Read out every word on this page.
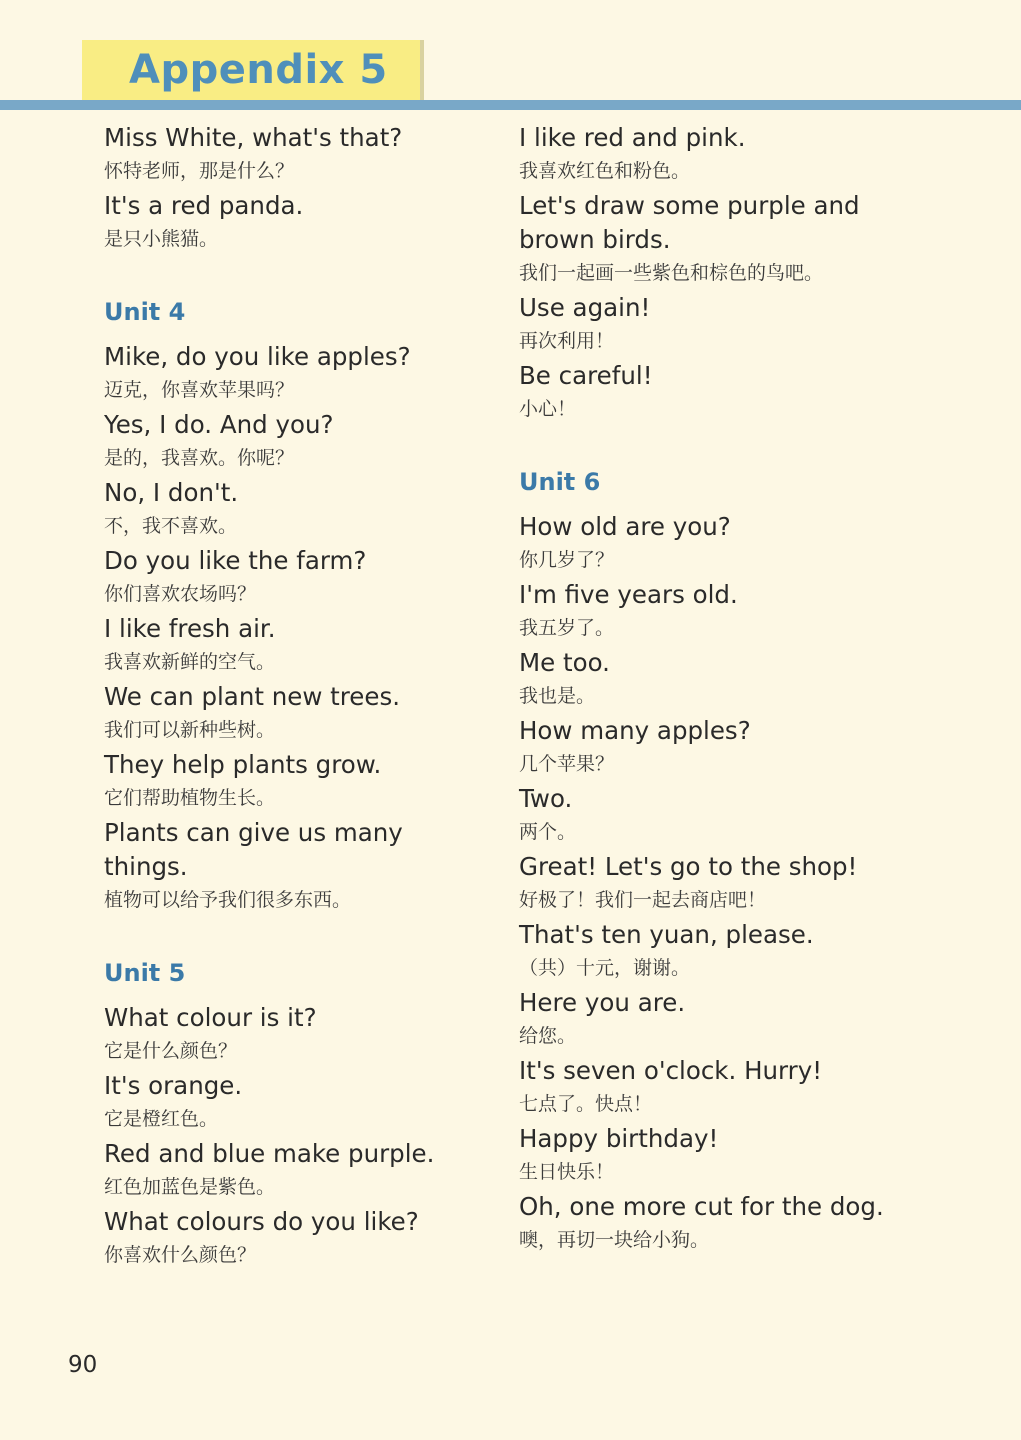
Appendix 5
Miss White, what's that?
怀特老师，那是什么？
It's a red panda.
是只小熊猫。
Unit 4
Mike, do you like apples?
迈克，你喜欢苹果吗？
Yes, I do. And you?
是的，我喜欢。你呢？
No, I don't.
不，我不喜欢。
Do you like the farm?
你们喜欢农场吗？
I like fresh air.
我喜欢新鲜的空气。
We can plant new trees.
我们可以新种些树。
They help plants grow.
它们帮助植物生长。
Plants can give us many things.
植物可以给予我们很多东西。
Unit 5
What colour is it?
它是什么颜色？
It's orange.
它是橙红色。
Red and blue make purple.
红色加蓝色是紫色。
What colours do you like?
你喜欢什么颜色？
I like red and pink.
我喜欢红色和粉色。
Let's draw some purple and brown birds.
我们一起画一些紫色和棕色的鸟吧。
Use again!
再次利用！
Be careful!
小心！
Unit 6
How old are you?
你几岁了？
I'm five years old.
我五岁了。
Me too.
我也是。
How many apples?
几个苹果？
Two.
两个。
Great! Let's go to the shop!
好极了！我们一起去商店吧！
That's ten yuan, please.
（共）十元，谢谢。
Here you are.
给您。
It's seven o'clock. Hurry!
七点了。快点！
Happy birthday!
生日快乐！
Oh, one more cut for the dog.
噢，再切一块给小狗。
90
